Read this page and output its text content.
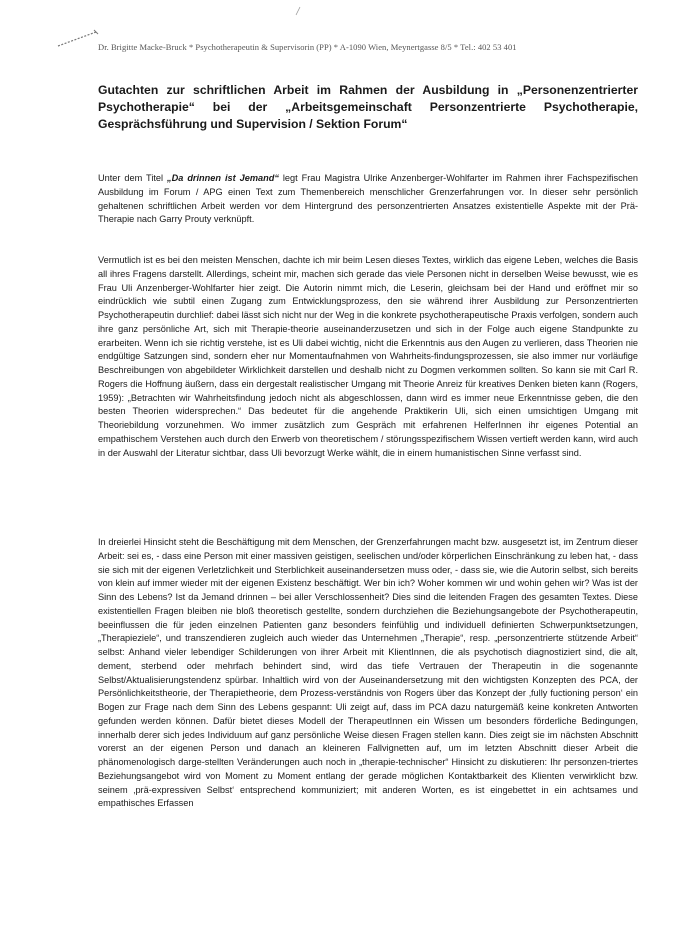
Dr. Brigitte Macke-Bruck * Psychotherapeutin & Supervisorin (PP) * A-1090 Wien, Meynertgasse 8/5 * Tel.: 402 53 401
Gutachten zur schriftlichen Arbeit im Rahmen der Ausbildung in „Personenzentrierter Psychotherapie“ bei der „Arbeitsgemeinschaft Personzentrierte Psychotherapie, Gesprächsführung und Supervision / Sektion Forum“

Unter dem Titel „Da drinnen ist Jemand“ legt Frau Magistra Ulrike Anzenberger-Wohlfarter im Rahmen ihrer Fachspezifischen Ausbildung im Forum / APG einen Text zum Themenbereich menschlicher Grenzerfahrungen vor. In dieser sehr persönlich gehaltenen schriftlichen Arbeit werden vor dem Hintergrund des personzentrierten Ansatzes existentielle Aspekte mit der Prä-Therapie nach Garry Prouty verknüpft.

Vermutlich ist es bei den meisten Menschen, dachte ich mir beim Lesen dieses Textes, wirklich das eigene Leben, welches die Basis all ihres Fragens darstellt. Allerdings, scheint mir, machen sich gerade das viele Personen nicht in derselben Weise bewusst, wie es Frau Uli Anzenberger-Wohlfarter hier zeigt. Die Autorin nimmt mich, die Leserin, gleichsam bei der Hand und eröffnet mir so eindrücklich wie subtil einen Zugang zum Entwicklungsprozess, den sie während ihrer Ausbildung zur Personzentrierten Psychotherapeutin durchlief: dabei lässt sich nicht nur der Weg in die konkrete psychotherapeutische Praxis verfolgen, sondern auch ihre ganz persönliche Art, sich mit Therapie-theorie auseinanderzusetzen und sich in der Folge auch eigene Standpunkte zu erarbeiten. Wenn ich sie richtig verstehe, ist es Uli dabei wichtig, nicht die Erkenntnis aus den Augen zu verlieren, dass Theorien nie endgültige Satzungen sind, sondern eher nur Momentaufnahmen von Wahrheits-findungsprozessen, sie also immer nur vorläufige Beschreibungen von abgebildeter Wirklichkeit darstellen und deshalb nicht zu Dogmen verkommen sollten. So kann sie mit Carl R. Rogers die Hoffnung äußern, dass ein dergestalt realistischer Umgang mit Theorie Anreiz für kreatives Denken bieten kann (Rogers, 1959): „Betrachten wir Wahrheitsfindung jedoch nicht als abgeschlossen, dann wird es immer neue Erkenntnisse geben, die den besten Theorien widersprechen.“ Das bedeutet für die angehende Praktikerin Uli, sich einen umsichtigen Umgang mit Theoriebildung vorzunehmen. Wo immer zusätzlich zum Gespräch mit erfahrenen HelferInnen ihr eigenes Potential an empathischem Verstehen auch durch den Erwerb von theoretischem / störungsspezifischem Wissen vertieft werden kann, wird auch in der Auswahl der Literatur sichtbar, dass Uli bevorzugt Werke wählt, die in einem humanistischen Sinne verfasst sind.

In dreierlei Hinsicht steht die Beschäftigung mit dem Menschen, der Grenzerfahrungen macht bzw. ausgesetzt ist, im Zentrum dieser Arbeit: sei es, - dass eine Person mit einer massiven geistigen, seelischen und/oder körperlichen Einschränkung zu leben hat, - dass sie sich mit der eigenen Verletzlichkeit und Sterblichkeit auseinandersetzen muss oder, - dass sie, wie die Autorin selbst, sich bereits von klein auf immer wieder mit der eigenen Existenz beschäftigt. Wer bin ich? Woher kommen wir und wohin gehen wir? Was ist der Sinn des Lebens? Ist da Jemand drinnen – bei aller Verschlossenheit? Dies sind die leitenden Fragen des gesamten Textes. Diese existentiellen Fragen bleiben nie bloß theoretisch gestellte, sondern durchziehen die Beziehungsangebote der Psychotherapeutin, beeinflussen die für jeden einzelnen Patienten ganz besonders feinfühlig und individuell definierten Schwerpunktsetzungen, „Therapieziele“, und transzendieren zugleich auch wieder das Unternehmen „Therapie“, resp. „personzentrierte stützende Arbeit“ selbst: Anhand vieler lebendiger Schilderungen von ihrer Arbeit mit KlientInnen, die als psychotisch diagnostiziert sind, die alt, dement, sterbend oder mehrfach behindert sind, wird das tiefe Vertrauen der Therapeutin in die sogenannte Selbst/Aktualisierungstendenz spürbar. Inhaltlich wird von der Auseinandersetzung mit den wichtigsten Konzepten des PCA, der Persönlichkeitstheorie, der Therapietheorie, dem Prozess-verständnis von Rogers über das Konzept der ‚fully fuctioning person‘ ein Bogen zur Frage nach dem Sinn des Lebens gespannt: Uli zeigt auf, dass im PCA dazu naturgemäß keine konkreten Antworten gefunden werden können. Dafür bietet dieses Modell der TherapeutInnen ein Wissen um besonders förderliche Bedingungen, innerhalb derer sich jedes Individuum auf ganz persönliche Weise diesen Fragen stellen kann. Dies zeigt sie im nächsten Abschnitt vorerst an der eigenen Person und danach an kleineren Fallvignetten auf, um im letzten Abschnitt dieser Arbeit die phänomenologisch darge-stellten Veränderungen auch noch in „therapie-technischer“ Hinsicht zu diskutieren: Ihr personzen-triertes Beziehungsangebot wird von Moment zu Moment entlang der gerade möglichen Kontaktbarkeit des Klienten verwirklicht bzw. seinem ‚prä-expressiven Selbst‘ entsprechend kommuniziert; mit anderen Worten, es ist eingebettet in ein achtsames und empathisches Erfassen
